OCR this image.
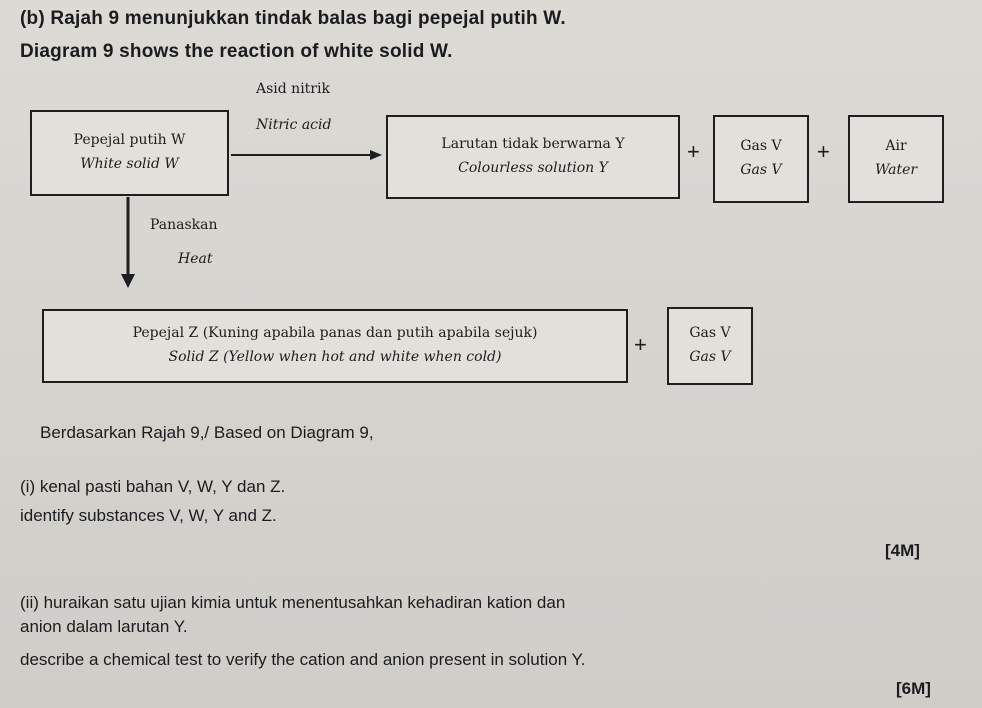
(b) Rajah 9 menunjukkan tindak balas bagi pepejal putih W.
Diagram 9 shows the reaction of white solid W.
Asid nitrik
Nitric acid
Pepejal putih W
White solid W
Larutan tidak berwarna Y
Colourless solution Y
+	Gas V
Gas V
+	Air
Water
Panaskan
Heat
Pepejal Z (Kuning apabila panas dan putih apabila sejuk)
Solid Z (Yellow when hot and white when cold)	+	Gas V
Gas V
Berdasarkan Rajah 9,/ Based on Diagram 9,
(i) kenal pasti bahan V, W, Y dan Z.
identify substances V, W, Y and Z.
[4M]
(ii) huraikan satu ujian kimia untuk menentusahkan kehadiran kation dan
anion dalam larutan Y.
describe a chemical test to verify the cation and anion present in solution Y.
[6M]
